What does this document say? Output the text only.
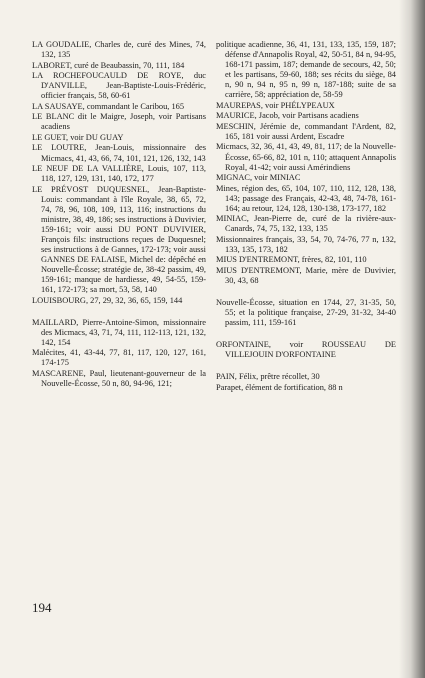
LA GOUDALIE, Charles de, curé des Mines, 74, 132, 135

LABORET, curé de Beaubassin, 70, 111, 184

LA ROCHEFOUCAULD DE ROYE, duc D'ANVILLE, Jean-Baptiste-Louis-Frédéric, officier français, 58, 60-61

LA SAUSAYE, commandant le Caribou, 165

LE BLANC dit le Maigre, Joseph, voir Partisans acadiens

LE GUET, voir DU GUAY

LE LOUTRE, Jean-Louis, missionnaire des Micmacs, 41, 43, 66, 74, 101, 121, 126, 132, 143

LE NEUF DE LA VALLIÈRE, Louis, 107, 113, 118, 127, 129, 131, 140, 172, 177

LE PRÉVOST DUQUESNEL, Jean-Baptiste-Louis: commandant à l'île Royale, 38, 65, 72, 74, 78, 96, 108, 109, 113, 116; instructions du ministre, 38, 49, 186; ses instructions à Duvivier, 159-161; voir aussi DU PONT DUVIVIER, François fils: instructions reçues de Duquesnel; ses instructions à de Gannes, 172-173; voir aussi GANNES DE FALAISE, Michel de: dépêché en Nouvelle-Écosse; stratégie de, 38-42 passim, 49, 159-161; manque de hardiesse, 49, 54-55, 159-161, 172-173; sa mort, 53, 58, 140

LOUISBOURG, 27, 29, 32, 36, 65, 159, 144

MAILLARD, Pierre-Antoine-Simon, missionnaire des Micmacs, 43, 71, 74, 111, 112-113, 121, 132, 142, 154

Malécites, 41, 43-44, 77, 81, 117, 120, 127, 161, 174-175

MASCARENE, Paul, lieutenant-gouverneur de la Nouvelle-Écosse, 50 n, 80, 94-96, 121;

politique acadienne, 36, 41, 131, 133, 135, 159, 187; défense d'Annapolis Royal, 42, 50-51, 84 n, 94-95, 168-171 passim, 187; demande de secours, 42, 50; et les partisans, 59-60, 188; ses récits du siège, 84 n, 90 n, 94 n, 95 n, 99 n, 187-188; suite de sa carrière, 58; appréciation de, 58-59

MAUREPAS, voir PHÉLYPEAUX

MAURICE, Jacob, voir Partisans acadiens

MESCHIN, Jérémie de, commandant l'Ardent, 82, 165, 181 voir aussi Ardent, Escadre

Micmacs, 32, 36, 41, 43, 49, 81, 117; de la Nouvelle-Écosse, 65-66, 82, 101 n, 110; attaquent Annapolis Royal, 41-42; voir aussi Amérindiens

MIGNAC, voir MINIAC

Mines, région des, 65, 104, 107, 110, 112, 128, 138, 143; passage des Français, 42-43, 48, 74-78, 161-164; au retour, 124, 128, 130-138, 173-177, 182

MINIAC, Jean-Pierre de, curé de la rivière-aux-Canards, 74, 75, 132, 133, 135

Missionnaires français, 33, 54, 70, 74-76, 77 n, 132, 133, 135, 173, 182

MIUS D'ENTREMONT, frères, 82, 101, 110

MIUS D'ENTREMONT, Marie, mère de Duvivier, 30, 43, 68

Nouvelle-Écosse, situation en 1744, 27, 31-35, 50, 55; et la politique française, 27-29, 31-32, 34-40 passim, 111, 159-161

ORFONTAINE, voir ROUSSEAU DE VILLEJOUIN D'ORFONTAINE

PAIN, Félix, prêtre récollet, 30

Parapet, élément de fortification, 88 n

194
